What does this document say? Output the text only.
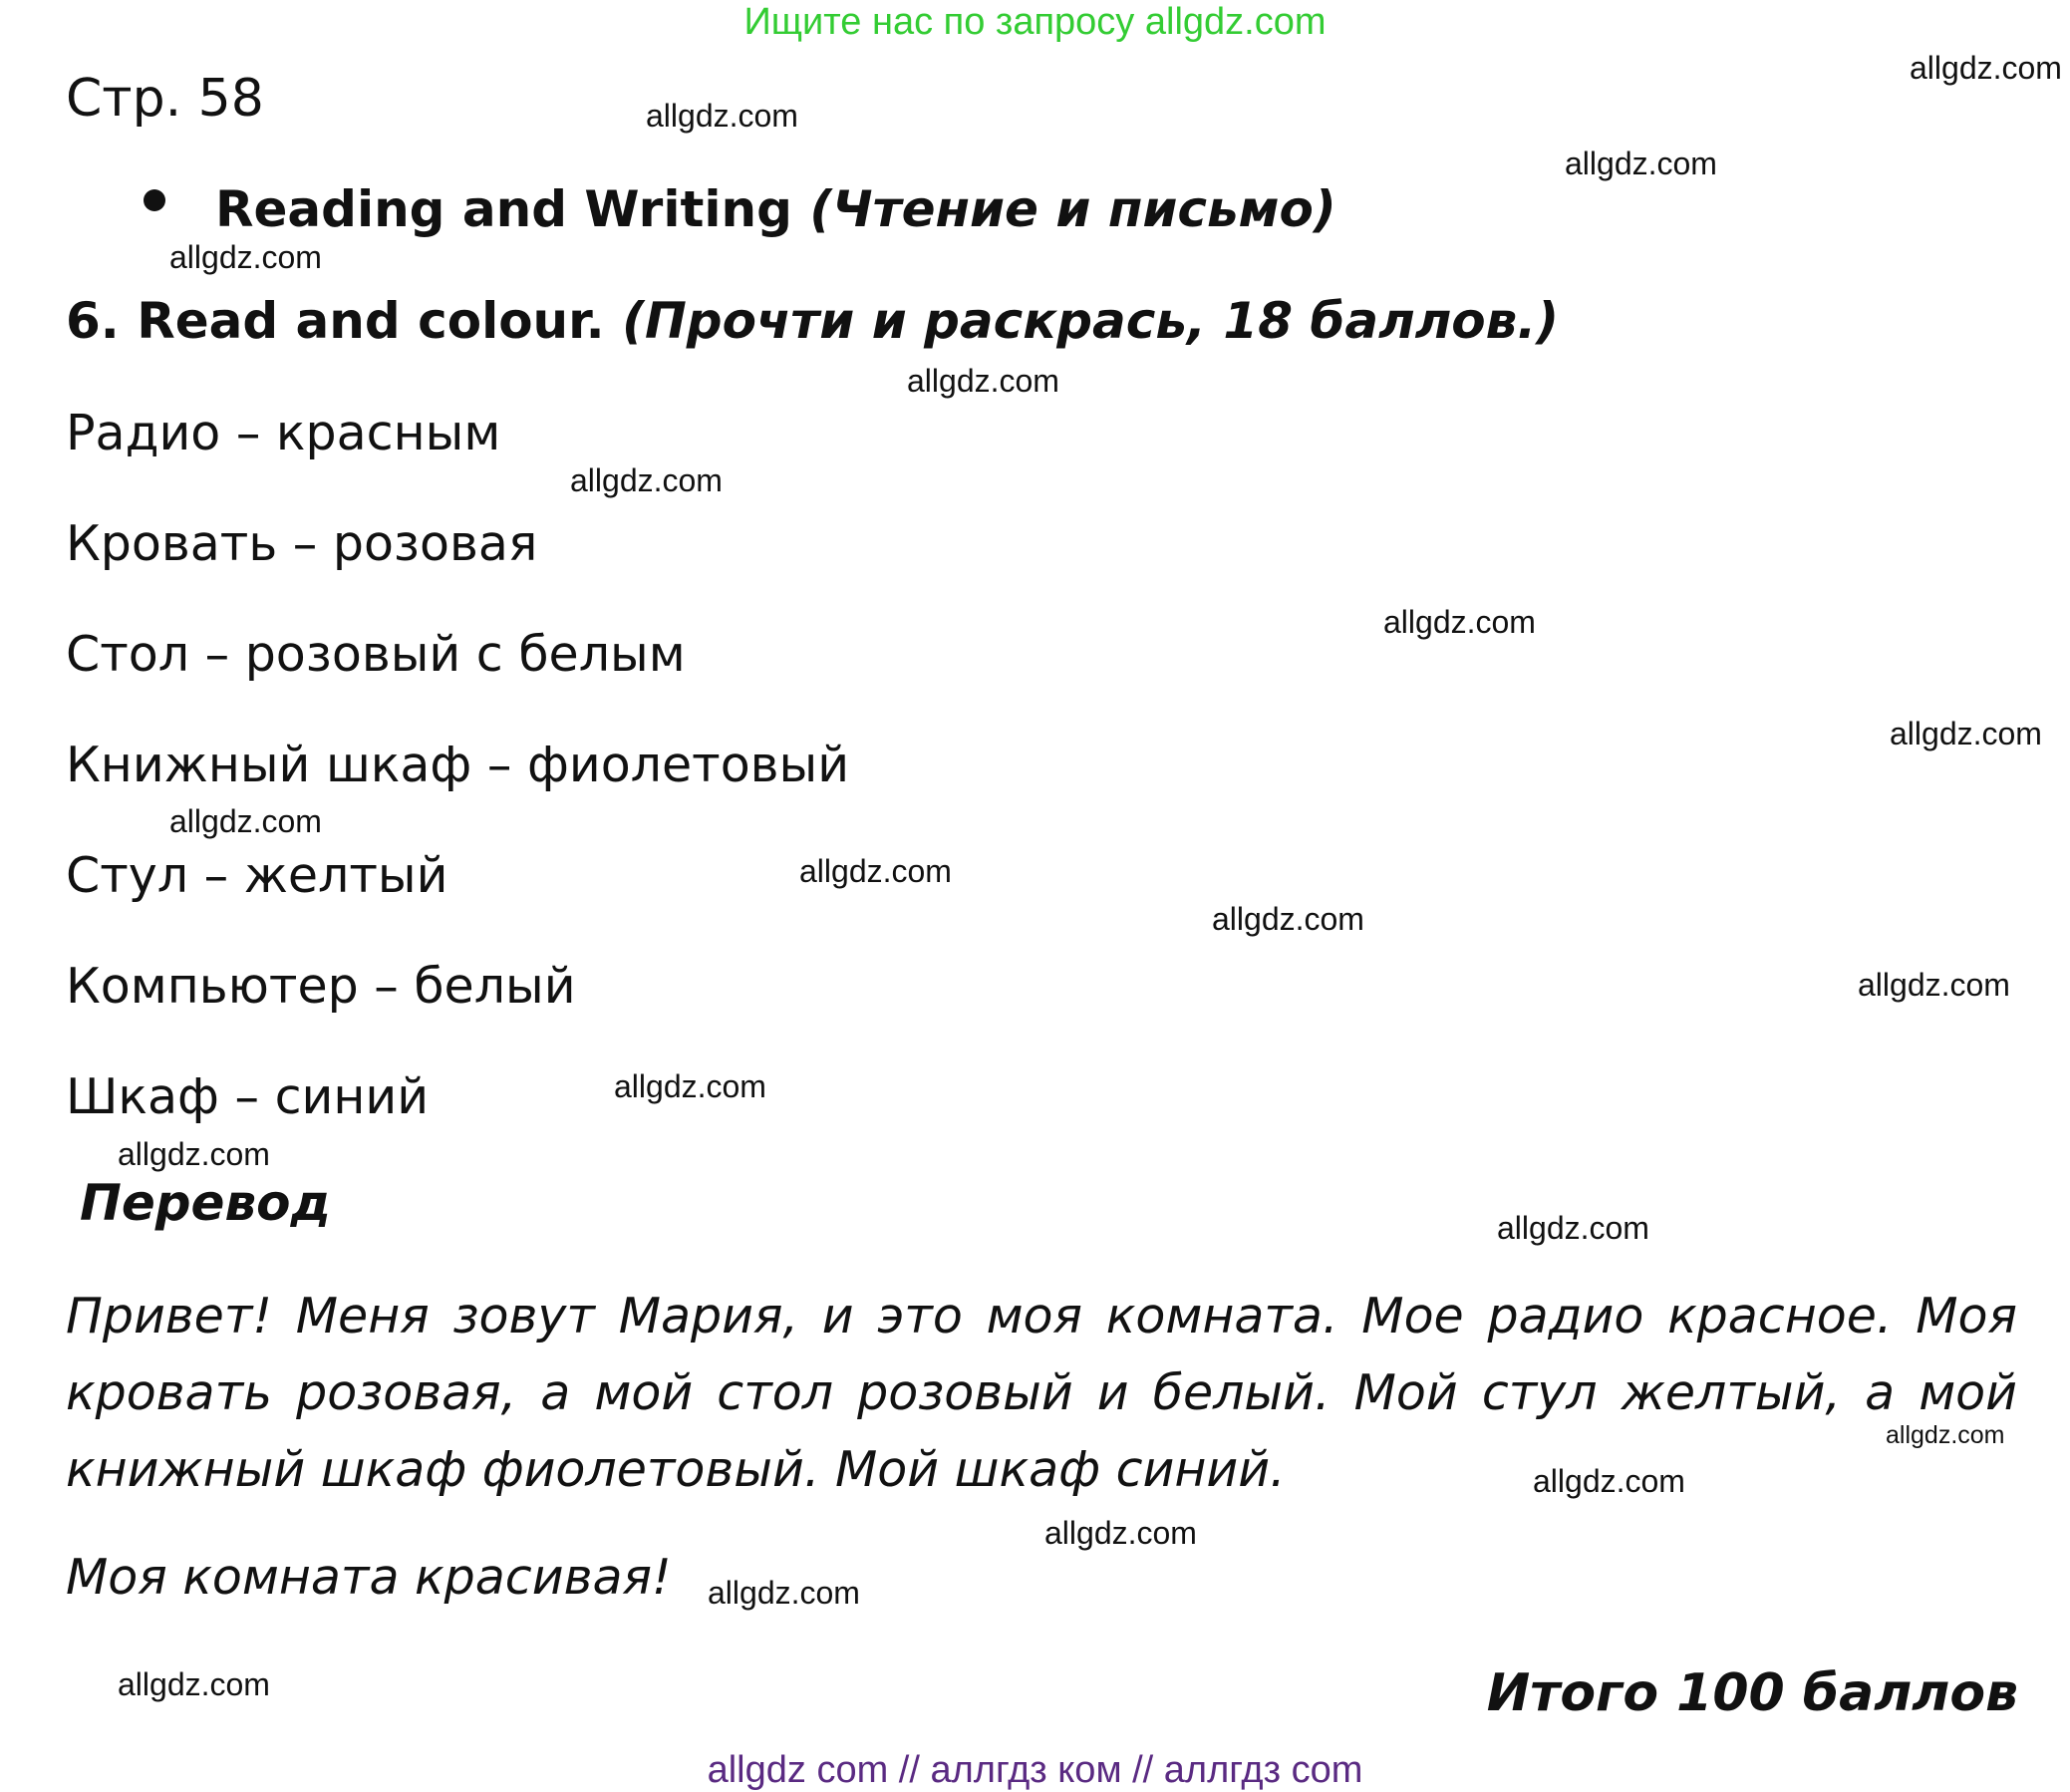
Ищите нас по запросу allgdz.com
Стр. 58
Reading and Writing (Чтение и письмо)
6. Read and colour. (Прочти и раскрась, 18 баллов.)
Радио – красным
Кровать – розовая
Стол – розовый с белым
Книжный шкаф – фиолетовый
Стул – желтый
Компьютер – белый
Шкаф – синий
Перевод
Привет! Меня зовут Мария, и это моя комната. Мое радио красное. Моя кровать розовая, а мой стол розовый и белый. Мой стул желтый, а мой книжный шкаф фиолетовый. Мой шкаф синий.
Моя комната красивая!
Итого 100 баллов
allgdz com // аллгдз ком // аллгдз com
allgdz.com
allgdz.com
allgdz.com
allgdz.com
allgdz.com
allgdz.com
allgdz.com
allgdz.com
allgdz.com
allgdz.com
allgdz.com
allgdz.com
allgdz.com
allgdz.com
allgdz.com
allgdz.com
allgdz.com
allgdz.com
allgdz.com
allgdz.com
